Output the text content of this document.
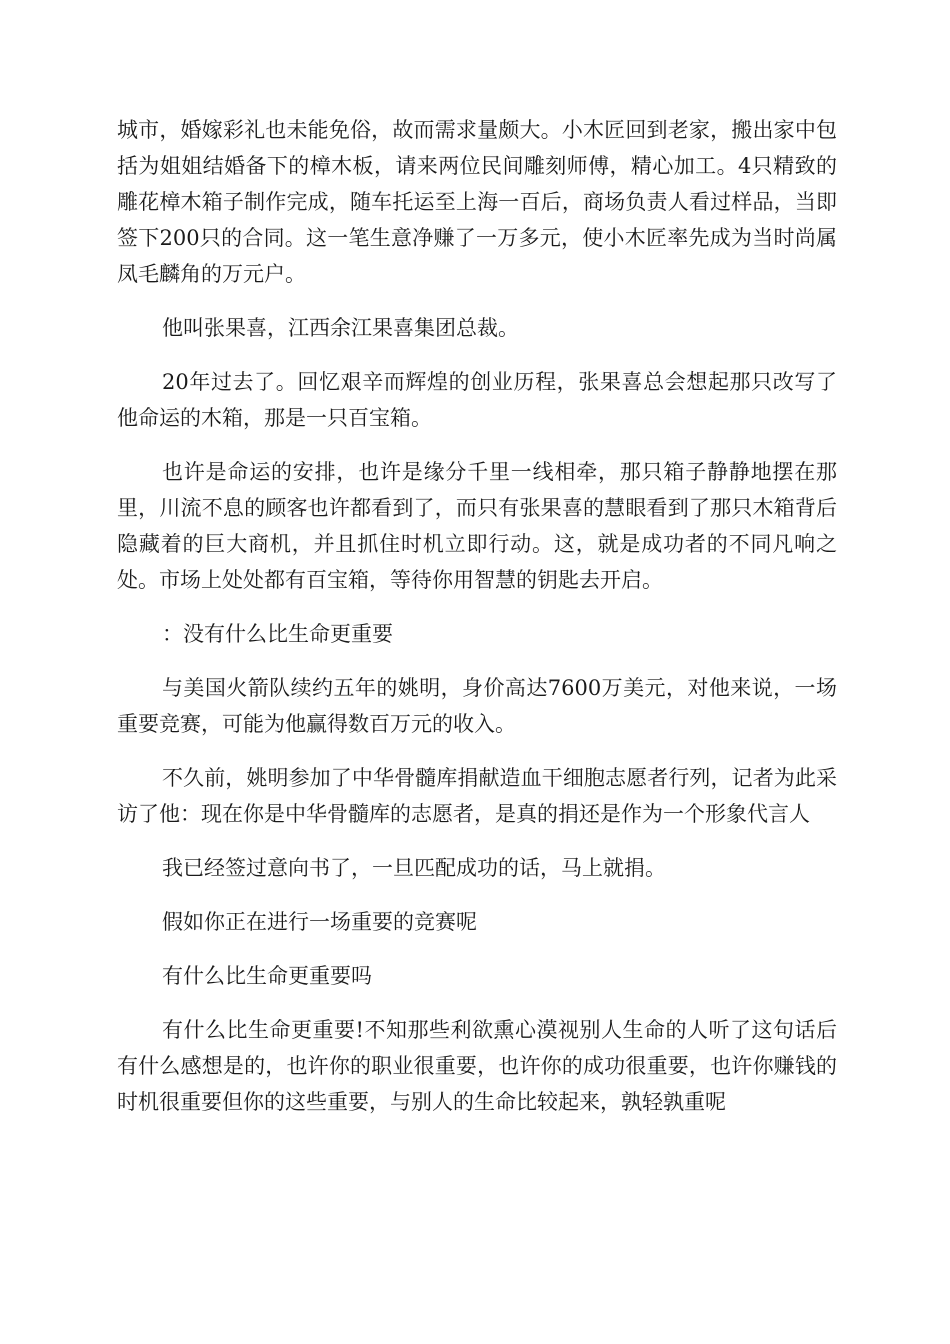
城市，婚嫁彩礼也未能免俗，故而需求量颇大。小木匠回到老家，搬出家中包括为姐姐结婚备下的樟木板，请来两位民间雕刻师傅，精心加工。4只精致的雕花樟木箱子制作完成，随车托运至上海一百后，商场负责人看过样品，当即签下200只的合同。这一笔生意净赚了一万多元，使小木匠率先成为当时尚属凤毛麟角的万元户。

他叫张果喜，江西余江果喜集团总裁。

20年过去了。回忆艰辛而辉煌的创业历程，张果喜总会想起那只改写了他命运的木箱，那是一只百宝箱。

也许是命运的安排，也许是缘分千里一线相牵，那只箱子静静地摆在那里，川流不息的顾客也许都看到了，而只有张果喜的慧眼看到了那只木箱背后隐藏着的巨大商机，并且抓住时机立即行动。这，就是成功者的不同凡响之处。市场上处处都有百宝箱，等待你用智慧的钥匙去开启。

：没有什么比生命更重要

与美国火箭队续约五年的姚明，身价高达7600万美元，对他来说，一场重要竞赛，可能为他赢得数百万元的收入。

不久前，姚明参加了中华骨髓库捐献造血干细胞志愿者行列，记者为此采访了他：现在你是中华骨髓库的志愿者，是真的捐还是作为一个形象代言人

我已经签过意向书了，一旦匹配成功的话，马上就捐。

假如你正在进行一场重要的竞赛呢

有什么比生命更重要吗

有什么比生命更重要!不知那些利欲熏心漠视别人生命的人听了这句话后有什么感想是的，也许你的职业很重要，也许你的成功很重要，也许你赚钱的时机很重要但你的这些重要，与别人的生命比较起来，孰轻孰重呢
